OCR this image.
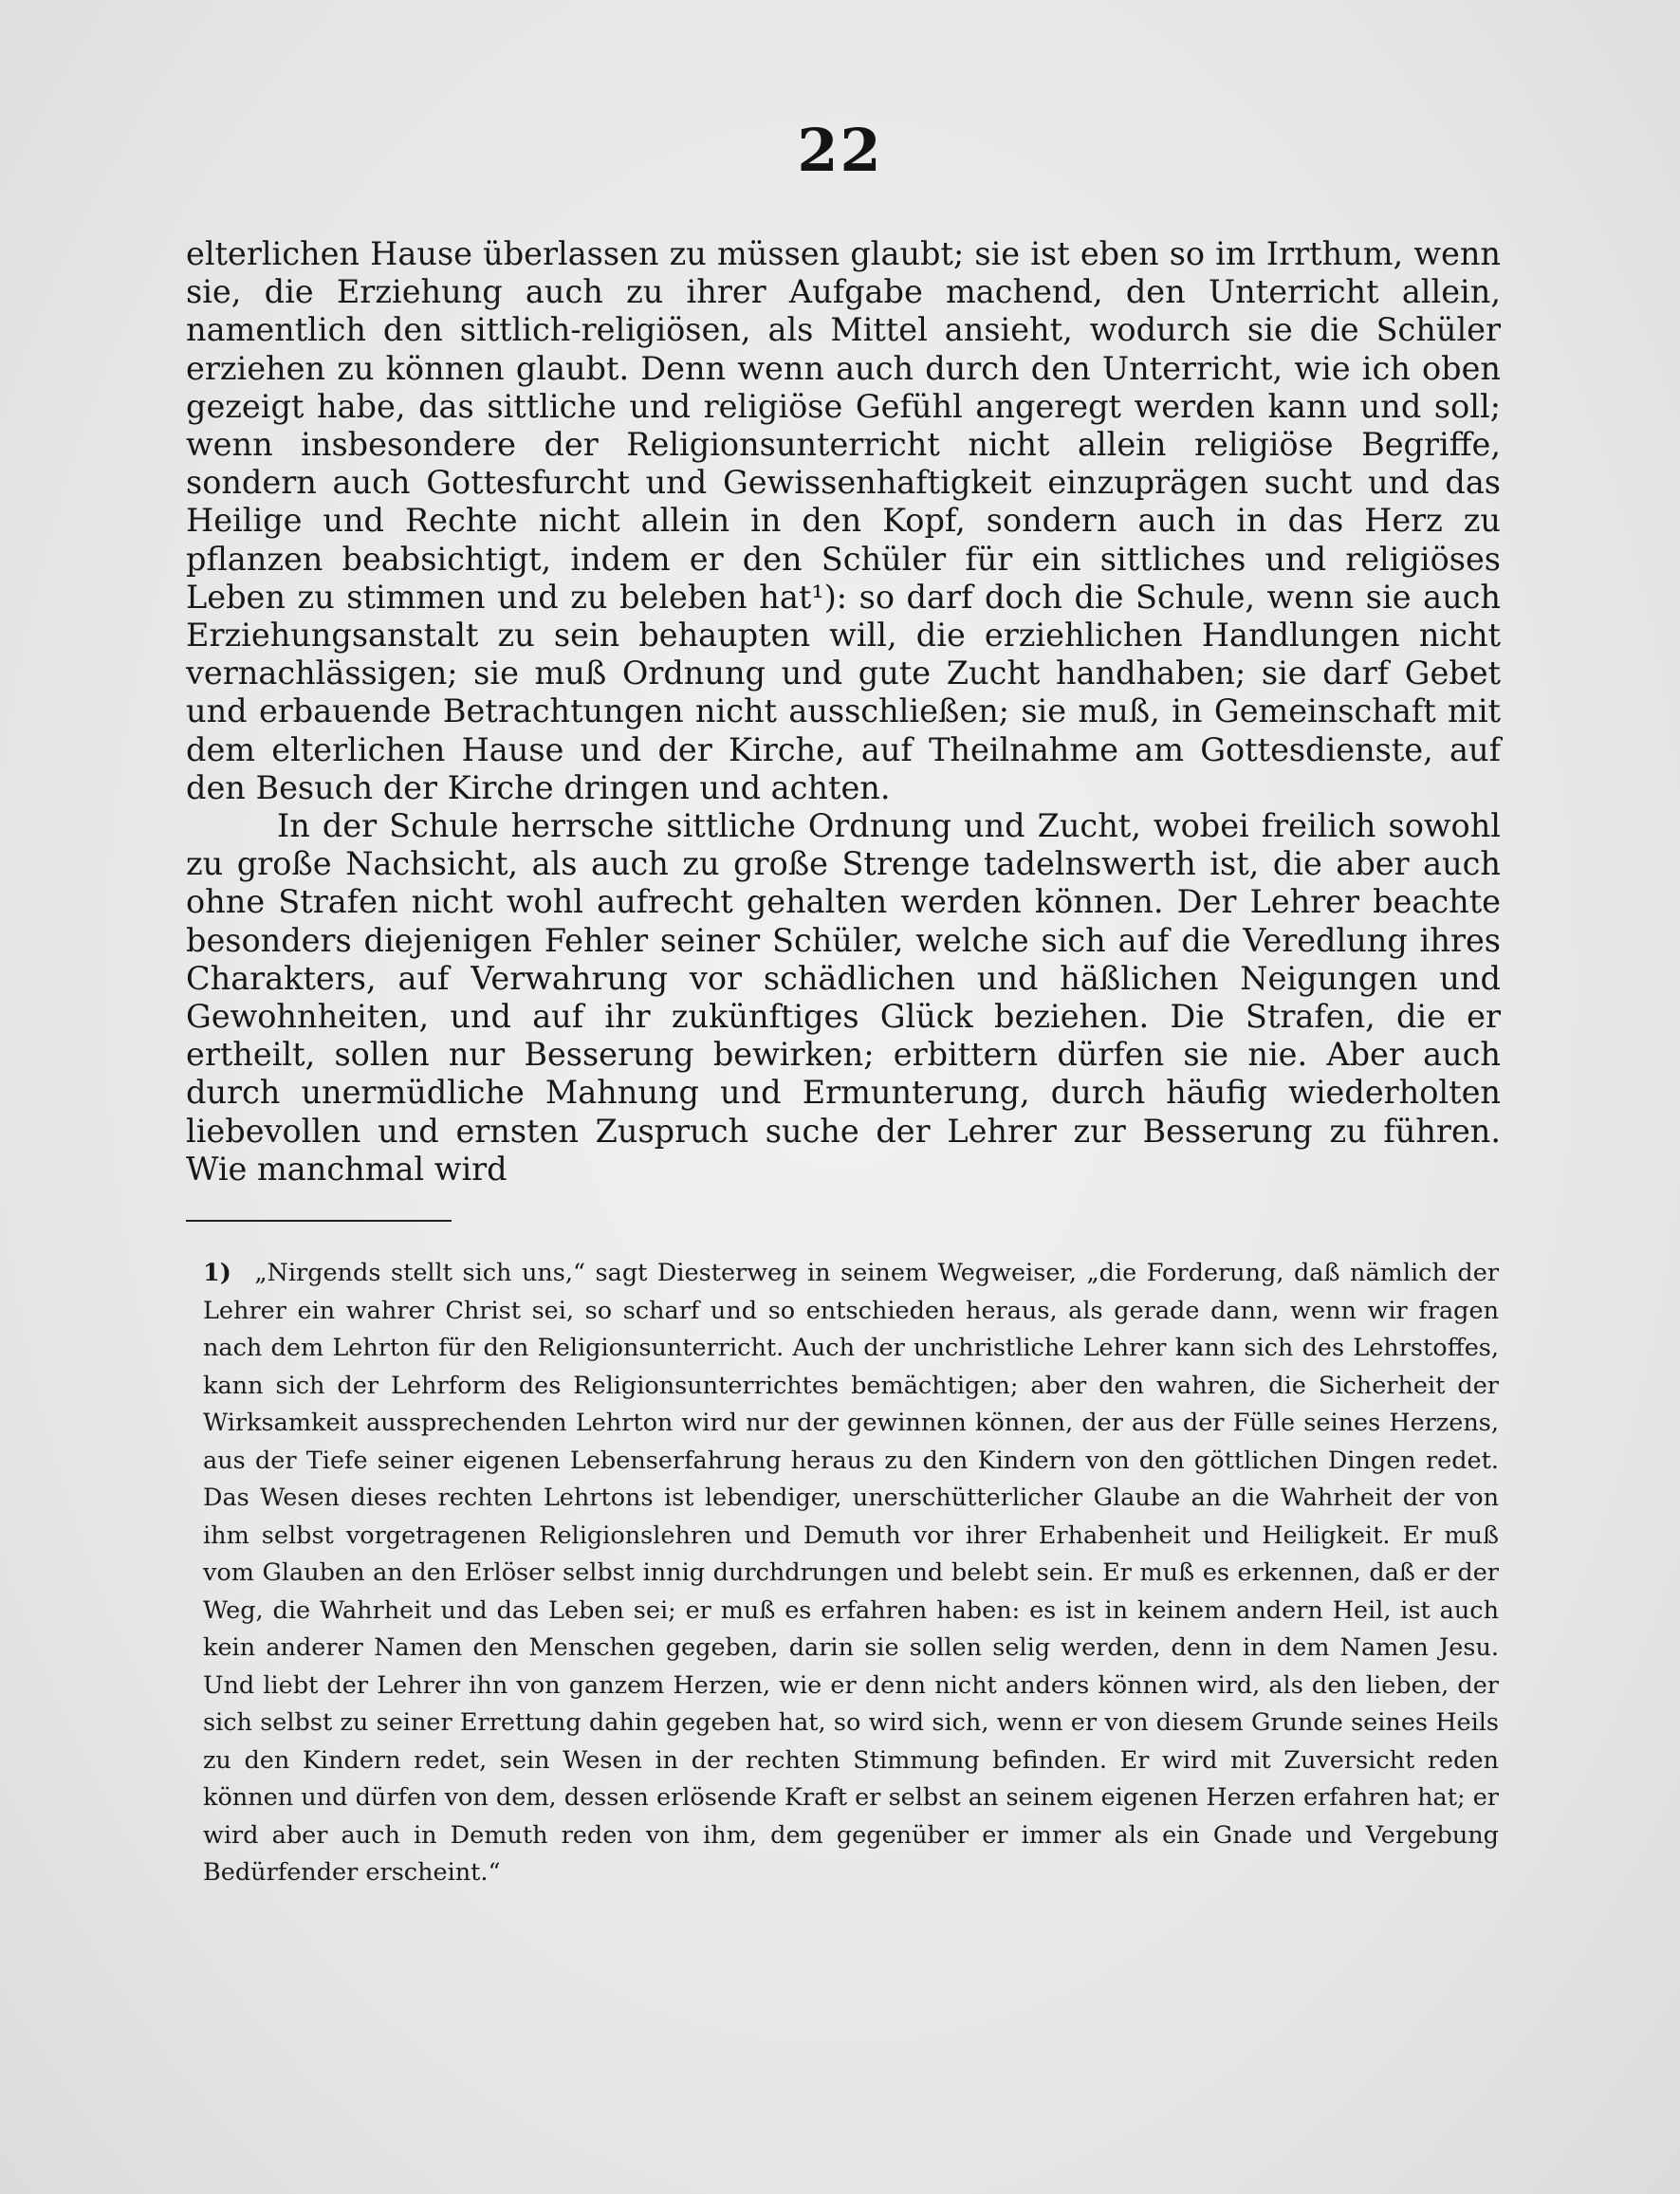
22

elterlichen Hause überlassen zu müssen glaubt; sie ist eben so im Irrthum, wenn sie, die Erziehung auch zu ihrer Aufgabe machend, den Unterricht allein, namentlich den sittlich-religiösen, als Mittel ansieht, wodurch sie die Schüler erziehen zu können glaubt. Denn wenn auch durch den Unterricht, wie ich oben gezeigt habe, das sittliche und religiöse Gefühl angeregt werden kann und soll; wenn insbesondere der Religionsunterricht nicht allein religiöse Begriffe, sondern auch Gottesfurcht und Gewissenhaftigkeit einzuprägen sucht und das Heilige und Rechte nicht allein in den Kopf, sondern auch in das Herz zu pflanzen beabsichtigt, indem er den Schüler für ein sittliches und religiöses Leben zu stimmen und zu beleben hat¹): so darf doch die Schule, wenn sie auch Erziehungsanstalt zu sein behaupten will, die erziehlichen Handlungen nicht vernachlässigen; sie muß Ordnung und gute Zucht handhaben; sie darf Gebet und erbauende Betrachtungen nicht ausschließen; sie muß, in Gemeinschaft mit dem elterlichen Hause und der Kirche, auf Theilnahme am Gottesdienste, auf den Besuch der Kirche dringen und achten.

In der Schule herrsche sittliche Ordnung und Zucht, wobei freilich sowohl zu große Nachsicht, als auch zu große Strenge tadelnswerth ist, die aber auch ohne Strafen nicht wohl aufrecht gehalten werden können. Der Lehrer beachte besonders diejenigen Fehler seiner Schüler, welche sich auf die Veredlung ihres Charakters, auf Verwahrung vor schädlichen und häßlichen Neigungen und Gewohnheiten, und auf ihr zukünftiges Glück beziehen. Die Strafen, die er ertheilt, sollen nur Besserung bewirken; erbittern dürfen sie nie. Aber auch durch unermüdliche Mahnung und Ermunterung, durch häufig wiederholten liebevollen und ernsten Zuspruch suche der Lehrer zur Besserung zu führen. Wie manchmal wird

1) „Nirgends stellt sich uns,“ sagt Diesterweg in seinem Wegweiser, „die Forderung, daß nämlich der Lehrer ein wahrer Christ sei, so scharf und so entschieden heraus, als gerade dann, wenn wir fragen nach dem Lehrton für den Religionsunterricht. Auch der unchristliche Lehrer kann sich des Lehrstoffes, kann sich der Lehrform des Religionsunterrichtes bemächtigen; aber den wahren, die Sicherheit der Wirksamkeit aussprechenden Lehrton wird nur der gewinnen können, der aus der Fülle seines Herzens, aus der Tiefe seiner eigenen Lebenserfahrung heraus zu den Kindern von den göttlichen Dingen redet. Das Wesen dieses rechten Lehrtons ist lebendiger, unerschütterlicher Glaube an die Wahrheit der von ihm selbst vorgetragenen Religionslehren und Demuth vor ihrer Erhabenheit und Heiligkeit. Er muß vom Glauben an den Erlöser selbst innig durchdrungen und belebt sein. Er muß es erkennen, daß er der Weg, die Wahrheit und das Leben sei; er muß es erfahren haben: es ist in keinem andern Heil, ist auch kein anderer Namen den Menschen gegeben, darin sie sollen selig werden, denn in dem Namen Jesu. Und liebt der Lehrer ihn von ganzem Herzen, wie er denn nicht anders können wird, als den lieben, der sich selbst zu seiner Errettung dahin gegeben hat, so wird sich, wenn er von diesem Grunde seines Heils zu den Kindern redet, sein Wesen in der rechten Stimmung befinden. Er wird mit Zuversicht reden können und dürfen von dem, dessen erlösende Kraft er selbst an seinem eigenen Herzen erfahren hat; er wird aber auch in Demuth reden von ihm, dem gegenüber er immer als ein Gnade und Vergebung Bedürfender erscheint.“
